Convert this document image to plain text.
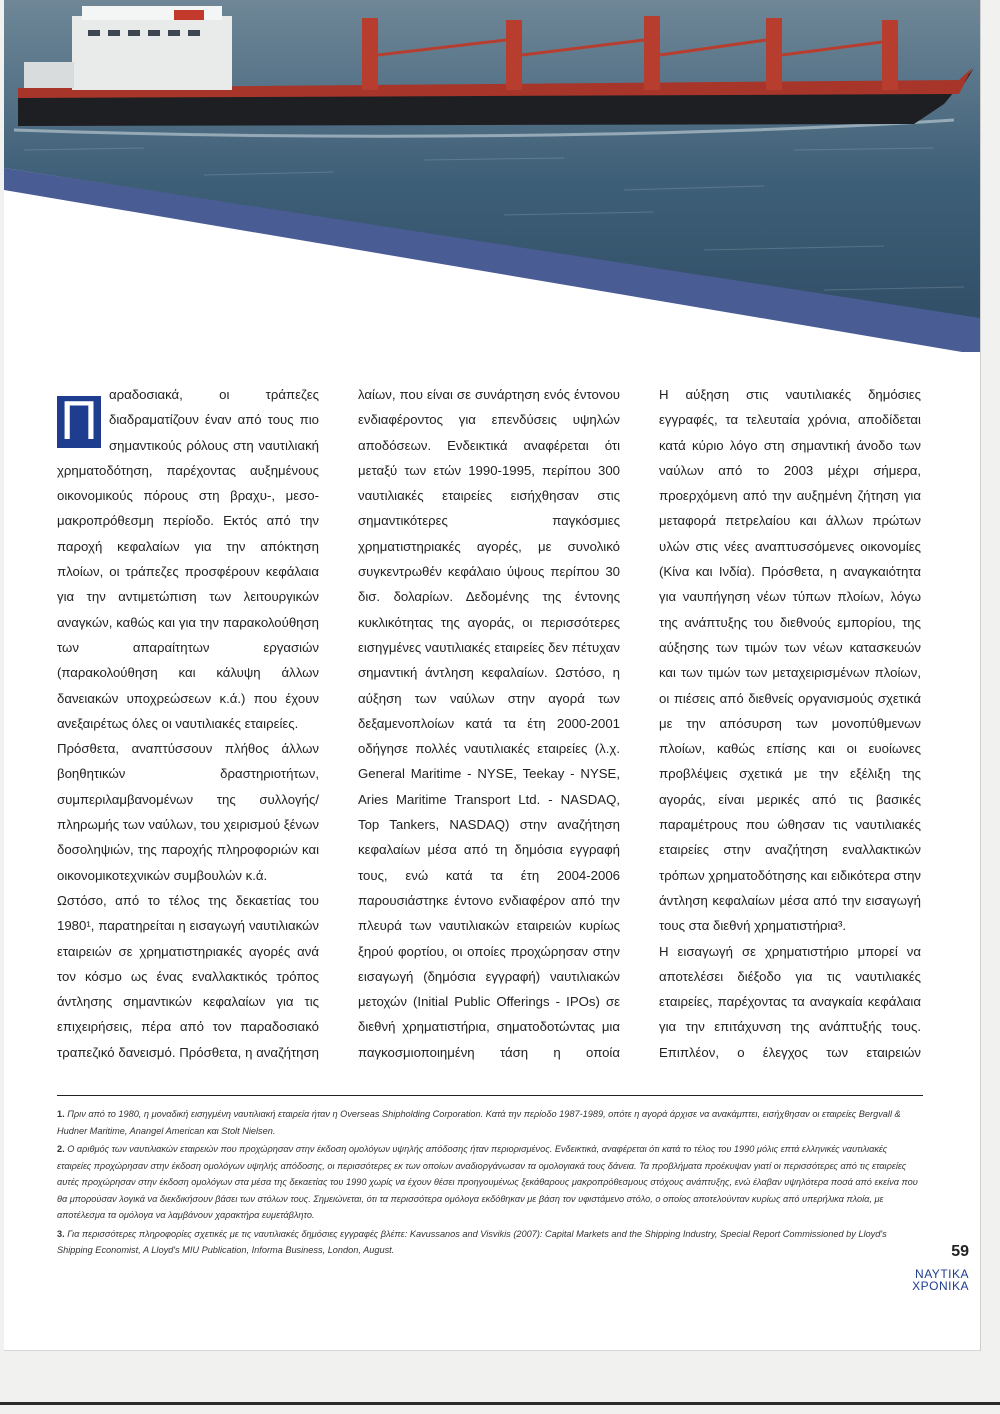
Π αραδοσιακά, οι τράπεζες διαδραματίζουν έναν από τους πιο σημαντικούς ρόλους στη ναυτιλιακή χρηματοδότηση, παρέχοντας αυξημένους οικονομικούς πόρους στη βραχυ-, μεσο-μακροπρόθεσμη περίοδο. Εκτός από την παροχή κεφαλαίων για την απόκτηση πλοίων, οι τράπεζες προσφέρουν κεφάλαια για την αντιμετώπιση των λειτουργικών αναγκών, καθώς και για την παρακολούθηση των απαραίτητων εργασιών (παρακολούθηση και κάλυψη άλλων δανειακών υποχρεώσεων κ.ά.) που έχουν ανεξαιρέτως όλες οι ναυτιλιακές εταιρείες.

Πρόσθετα, αναπτύσσουν πλήθος άλλων βοηθητικών δραστηριοτήτων, συμπεριλαμβανομένων της συλλογής/πληρωμής των ναύλων, του χειρισμού ξένων δοσοληψιών, της παροχής πληροφοριών και οικονομικοτεχνικών συμβουλών κ.ά.

Ωστόσο, από το τέλος της δεκαετίας του 1980¹, παρατηρείται η εισαγωγή ναυτιλιακών εταιρειών σε χρηματιστηριακές αγορές ανά τον κόσμο ως ένας εναλλακτικός τρόπος άντλησης σημαντικών κεφαλαίων για τις επιχειρήσεις, πέρα από τον παραδοσιακό τραπεζικό δανεισμό. Πρόσθετα, η αναζήτηση

λαίων, που είναι σε συνάρτηση ενός έντονου ενδιαφέροντος για επενδύσεις υψηλών αποδόσεων. Ενδεικτικά αναφέρεται ότι μεταξύ των ετών 1990-1995, περίπου 300 ναυτιλιακές εταιρείες εισήχθησαν στις σημαντικότερες παγκόσμιες χρηματιστηριακές αγορές, με συνολικό συγκεντρωθέν κεφάλαιο ύψους περίπου 30 δισ. δολαρίων. Δεδομένης της έντονης κυκλικότητας της αγοράς, οι περισσότερες εισηγμένες ναυτιλιακές εταιρείες δεν πέτυχαν σημαντική άντληση κεφαλαίων. Ωστόσο, η αύξηση των ναύλων στην αγορά των δεξαμενοπλοίων κατά τα έτη 2000-2001 οδήγησε πολλές ναυτιλιακές εταιρείες (λ.χ. General Maritime - NYSE, Teekay - NYSE, Aries Maritime Transport Ltd. - NASDAQ, Top Tankers, NASDAQ) στην αναζήτηση κεφαλαίων μέσα από τη δημόσια εγγραφή τους, ενώ κατά τα έτη 2004-2006 παρουσιάστηκε έντονο ενδιαφέρον από την πλευρά των ναυτιλιακών εταιρειών κυρίως ξηρού φορτίου, οι οποίες προχώρησαν στην εισαγωγή (δημόσια εγγραφή) ναυτιλιακών μετοχών (Initial Public Offerings - IPOs) σε διεθνή χρηματιστήρια, σηματοδοτώντας μια παγκοσμιοποιημένη τάση η οποία

Η αύξηση στις ναυτιλιακές δημόσιες εγγραφές, τα τελευταία χρόνια, αποδίδεται κατά κύριο λόγο στη σημαντική άνοδο των ναύλων από το 2003 μέχρι σήμερα, προερχόμενη από την αυξημένη ζήτηση για μεταφορά πετρελαίου και άλλων πρώτων υλών στις νέες αναπτυσσόμενες οικονομίες (Κίνα και Ινδία). Πρόσθετα, η αναγκαιότητα για ναυπήγηση νέων τύπων πλοίων, λόγω της ανάπτυξης του διεθνούς εμπορίου, της αύξησης των τιμών των νέων κατασκευών και των τιμών των μεταχειρισμένων πλοίων, οι πιέσεις από διεθνείς οργανισμούς σχετικά με την απόσυρση των μονοπύθμενων πλοίων, καθώς επίσης και οι ευοίωνες προβλέψεις σχετικά με την εξέλιξη της αγοράς, είναι μερικές από τις βασικές παραμέτρους που ώθησαν τις ναυτιλιακές εταιρείες στην αναζήτηση εναλλακτικών τρόπων χρηματοδότησης και ειδικότερα στην άντληση κεφαλαίων μέσα από την εισαγωγή τους στα διεθνή χρηματιστήρια³.

Η εισαγωγή σε χρηματιστήριο μπορεί να αποτελέσει διέξοδο για τις ναυτιλιακές εταιρείες, παρέχοντας τα αναγκαία κεφάλαια για την επιτάχυνση της ανάπτυξής τους. Επιπλέον, ο έλεγχος των εταιρειών

1. Πριν από το 1980, η μοναδική εισηγμένη ναυτιλιακή εταιρεία ήταν η Overseas Shipholding Corporation. Κατά την περίοδο 1987-1989, οπότε η αγορά άρχισε να ανακάμπτει, εισήχθησαν οι εταιρείες Bergvall & Hudner Maritime, Anangel American και Stolt Nielsen.

2. Ο αριθμός των ναυτιλιακών εταιρειών που προχώρησαν στην έκδοση ομολόγων υψηλής απόδοσης ήταν περιορισμένος. Ενδεικτικά, αναφέρεται ότι κατά το τέλος του 1990 μόλις επτά ελληνικές ναυτιλιακές εταιρείες προχώρησαν στην έκδοση ομολόγων υψηλής απόδοσης, οι περισσότερες εκ των οποίων αναδιοργάνωσαν τα ομολογιακά τους δάνεια. Τα προβλήματα προέκυψαν γιατί οι περισσότερες από τις εταιρείες αυτές προχώρησαν στην έκδοση ομολόγων στα μέσα της δεκαετίας του 1990 χωρίς να έχουν θέσει προηγουμένως ξεκάθαρους μακροπρόθεσμους στόχους ανάπτυξης, ενώ έλαβαν υψηλότερα ποσά από εκείνα που θα μπορούσαν λογικά να διεκδικήσουν βάσει των στόλων τους. Σημειώνεται, ότι τα περισσότερα ομόλογα εκδόθηκαν με βάση τον υφιστάμενο στόλο, ο οποίος αποτελούνταν κυρίως από υπερήλικα πλοία, με αποτέλεσμα τα ομόλογα να λαμβάνουν χαρακτήρα ευμετάβλητο.

3. Για περισσότερες πληροφορίες σχετικές με τις ναυτιλιακές δημόσιες εγγραφές βλέπε: Kavussanos and Visvikis (2007): Capital Markets and the Shipping Industry, Special Report Commissioned by Lloyd's Shipping Economist, A Lloyd's MIU Publication, Informa Business, London, August.	59
ΝΑΥΤΙΚΑ
ΧΡΟΝΙΚΑ
